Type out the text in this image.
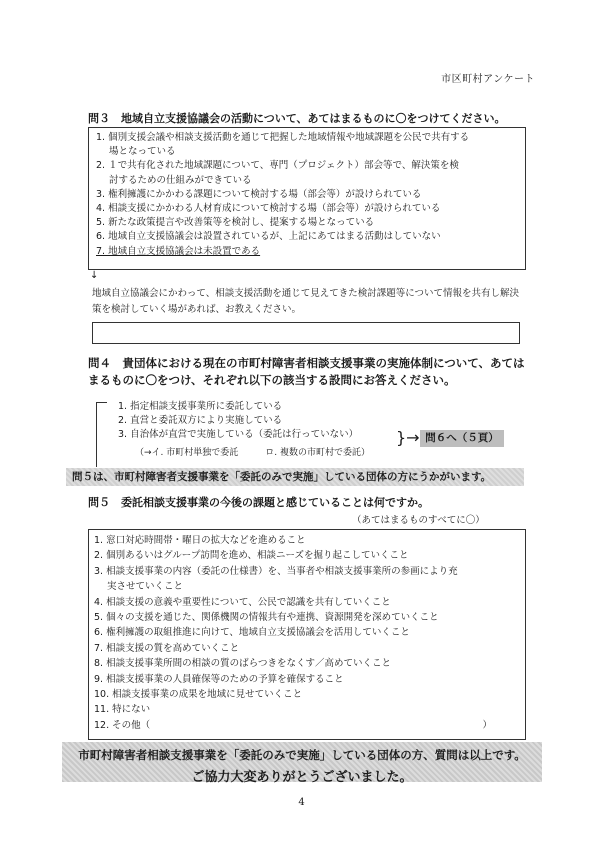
市区町村アンケート
問３　地域自立支援協議会の活動について、あてはまるものに〇をつけてください。
1. 個別支援会議や相談支援活動を通じて把握した地域情報や地域課題を公民で共有する
場となっている
2. １で共有化された地域課題について、専門（プロジェクト）部会等で、解決策を検
討するための仕組みができている
3. 権利擁護にかかわる課題について検討する場（部会等）が設けられている
4. 相談支援にかかわる人材育成について検討する場（部会等）が設けられている
5. 新たな政策提言や改善策等を検討し、提案する場となっている
6. 地域自立支援協議会は設置されているが、上記にあてはまる活動はしていない
7. 地域自立支援協議会は未設置である
↓
地域自立協議会にかわって、相談支援活動を通じて見えてきた検討課題等について情報を共有し解決策を検討していく場があれば、お教えください。
問４　貴団体における現在の市町村障害者相談支援事業の実施体制について、あてはまるものに〇をつけ、それぞれ以下の該当する設問にお答えください。
1. 指定相談支援事業所に委託している
2. 直営と委託双方により実施している
3. 自治体が直営で実施している（委託は行っていない）
（→イ. 市町村単独で委託　　　ロ. 複数の市町村で委託）
}→ 問６へ（５頁）
問５は、市町村障害者支援事業を「委託のみで実施」している団体の方にうかがいます。
問５　委託相談支援事業の今後の課題と感じていることは何ですか。
（あてはまるものすべてに〇）
1. 窓口対応時間帯・曜日の拡大などを進めること
2. 個別あるいはグループ訪問を進め、相談ニーズを掘り起こしていくこと
3. 相談支援事業の内容（委託の仕様書）を、当事者や相談支援事業所の参画により充
実させていくこと
4. 相談支援の意義や重要性について、公民で認識を共有していくこと
5. 個々の支援を通じた、関係機関の情報共有や連携、資源開発を深めていくこと
6. 権利擁護の取組推進に向けて、地域自立支援協議会を活用していくこと
7. 相談支援の質を高めていくこと
8. 相談支援事業所間の相談の質のばらつきをなくす／高めていくこと
9. 相談支援事業の人員確保等のための予算を確保すること
10. 相談支援事業の成果を地域に見せていくこと
11. 特にない
12. その他（	）
市町村障害者相談支援事業を「委託のみで実施」している団体の方、質問は以上です。
ご協力大変ありがとうございました。
4
